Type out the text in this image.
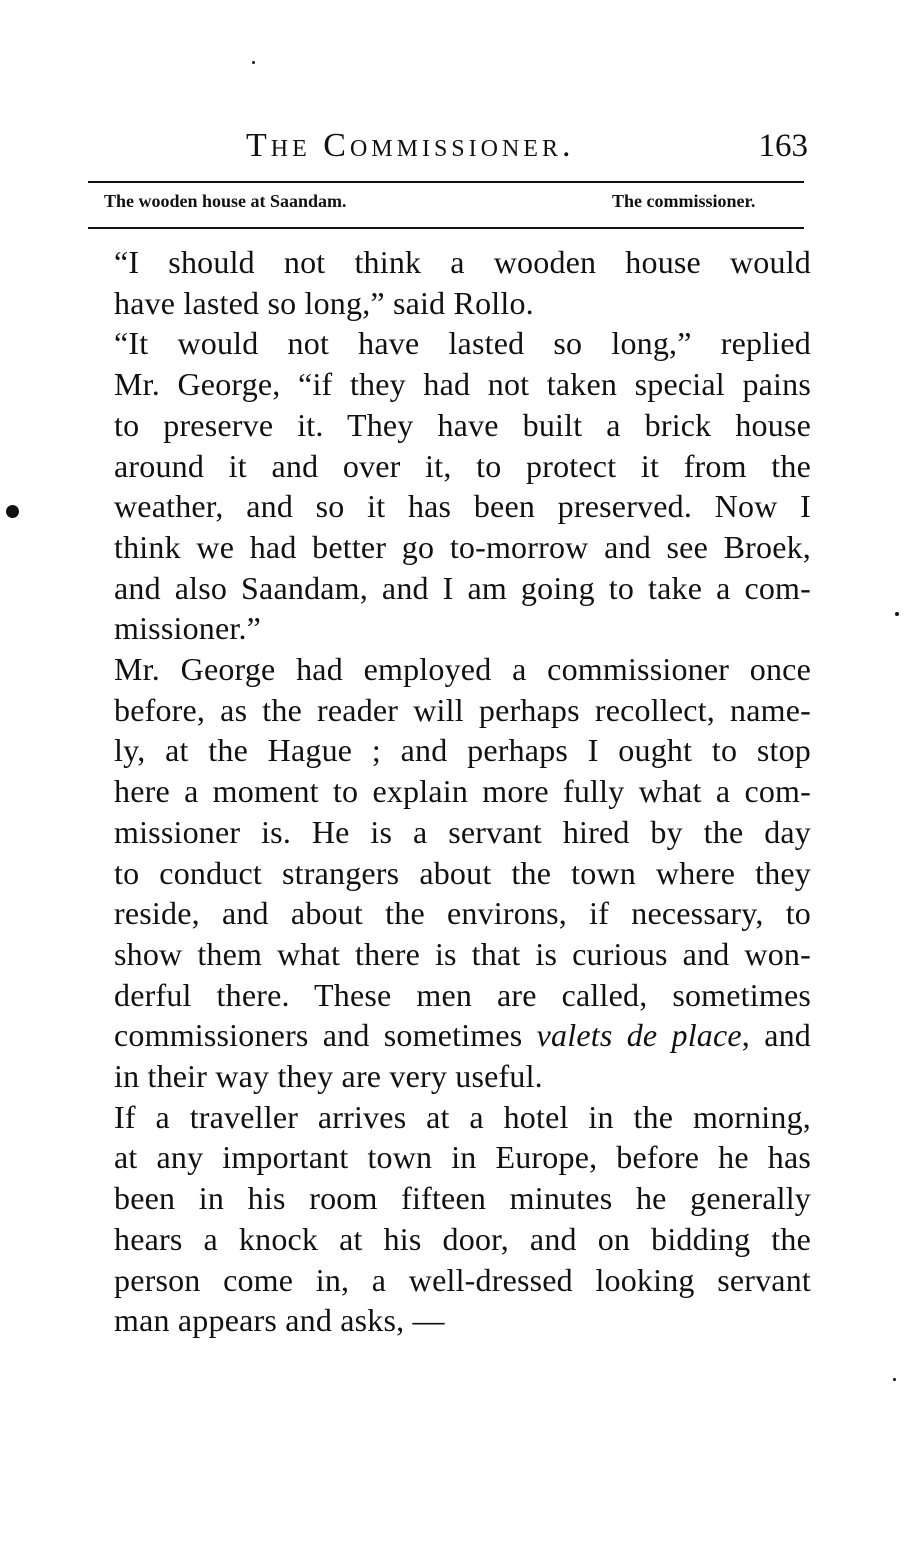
The Commissioner.	163
The wooden house at Saandam.	The commissioner.

“I should not think a wooden house would
have lasted so long,” said Rollo.

“It would not have lasted so long,” replied
Mr. George, “if they had not taken special pains
to preserve it. They have built a brick house
around it and over it, to protect it from the
weather, and so it has been preserved. Now I
think we had better go to-morrow and see Broek,
and also Saandam, and I am going to take a com-
missioner.”

Mr. George had employed a commissioner once
before, as the reader will perhaps recollect, name-
ly, at the Hague ; and perhaps I ought to stop
here a moment to explain more fully what a com-
missioner is. He is a servant hired by the day
to conduct strangers about the town where they
reside, and about the environs, if necessary, to
show them what there is that is curious and won-
derful there. These men are called, sometimes
commissioners and sometimes valets de place, and
in their way they are very useful.

If a traveller arrives at a hotel in the morning,
at any important town in Europe, before he has
been in his room fifteen minutes he generally
hears a knock at his door, and on bidding the
person come in, a well-dressed looking servant
man appears and asks, —
